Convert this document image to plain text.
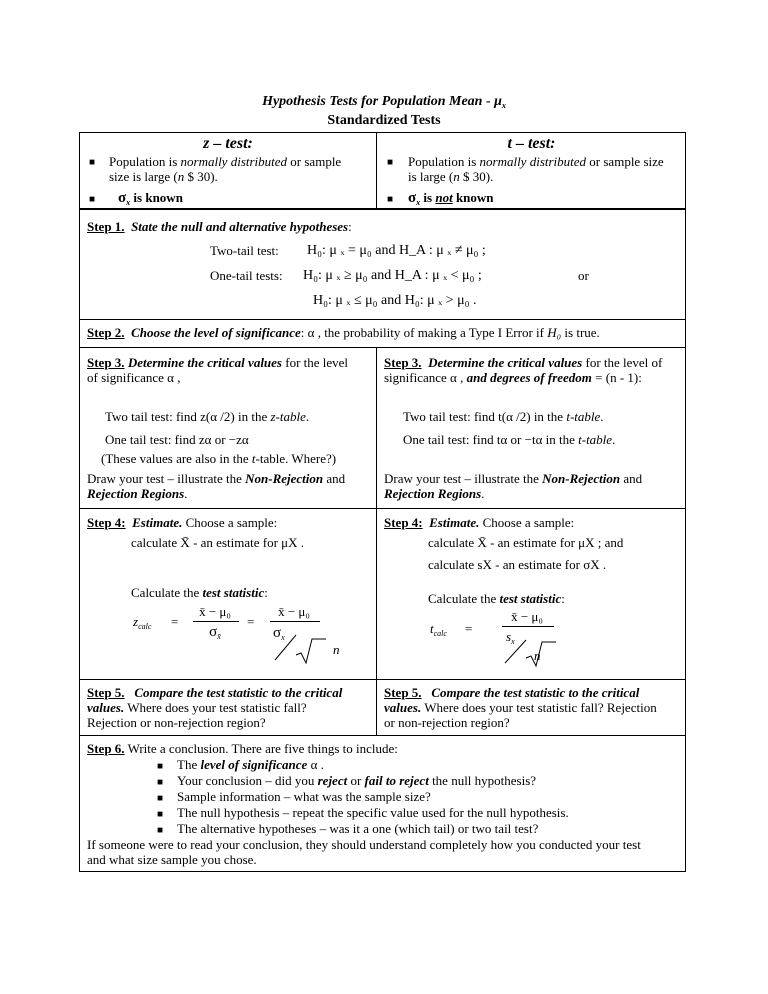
Hypothesis Tests for Population Mean - $\mu_x$
Standardized Tests
z – test:
■ Population is normally distributed or sample
size is large (n $ 30).
■ $\sigma_x$ is known
t – test:
■ Population is normally distributed or sample size
is large (n $ 30).
■ $\sigma_x$ is not known
Step 1. State the null and alternative hypotheses:
Two-tail test: H₀: μ ₓ = μ₀ and H_A : μ ₓ ≠ μ₀ ;
One-tail tests: H₀: μ ₓ ≥ μ₀ and H_A : μ ₓ < μ₀ ;	or
H₀: μ ₓ ≤ μ₀ and H₀: μ ₓ > μ₀ .
Step 2. Choose the level of significance: α , the probability of making a Type I Error if H₀ is true.
Step 3. Determine the critical values for the level
of significance α ,
Two tail test: find z(α /2) in the z-table.
One tail test: find zα or −zα
(These values are also in the t-table. Where?)
Draw your test – illustrate the Non-Rejection and
Rejection Regions.
Step 3. Determine the critical values for the level of
significance α , and degrees of freedom = (n - 1):
Two tail test: find t(α /2) in the t-table.
One tail test: find tα or −tα in the t-table.
Draw your test – illustrate the Non-Rejection and
Rejection Regions.
Step 4: Estimate. Choose a sample:
calculate X̄ - an estimate for μX .
Calculate the test statistic:
$z_{calc}$ =
x̄ − μ₀
$\sigma_{x̄}$
=
x̄ − μ₀
$\sigma_x$
n
Step 4: Estimate. Choose a sample:
calculate X̄ - an estimate for μX ; and
calculate sX - an estimate for σX .
Calculate the test statistic:
$t_{calc}$ =
x̄ − μ₀
$s_x$
n
Step 5. Compare the test statistic to the critical
values. Where does your test statistic fall?
Rejection or non-rejection region?
Step 5. Compare the test statistic to the critical
values. Where does your test statistic fall? Rejection
or non-rejection region?
Step 6. Write a conclusion. There are five things to include:
■ The level of significance α .
■ Your conclusion – did you reject or fail to reject the null hypothesis?
■ Sample information – what was the sample size?
■ The null hypothesis – repeat the specific value used for the null hypothesis.
■ The alternative hypotheses – was it a one (which tail) or two tail test?
If someone were to read your conclusion, they should understand completely how you conducted your test
and what size sample you chose.
